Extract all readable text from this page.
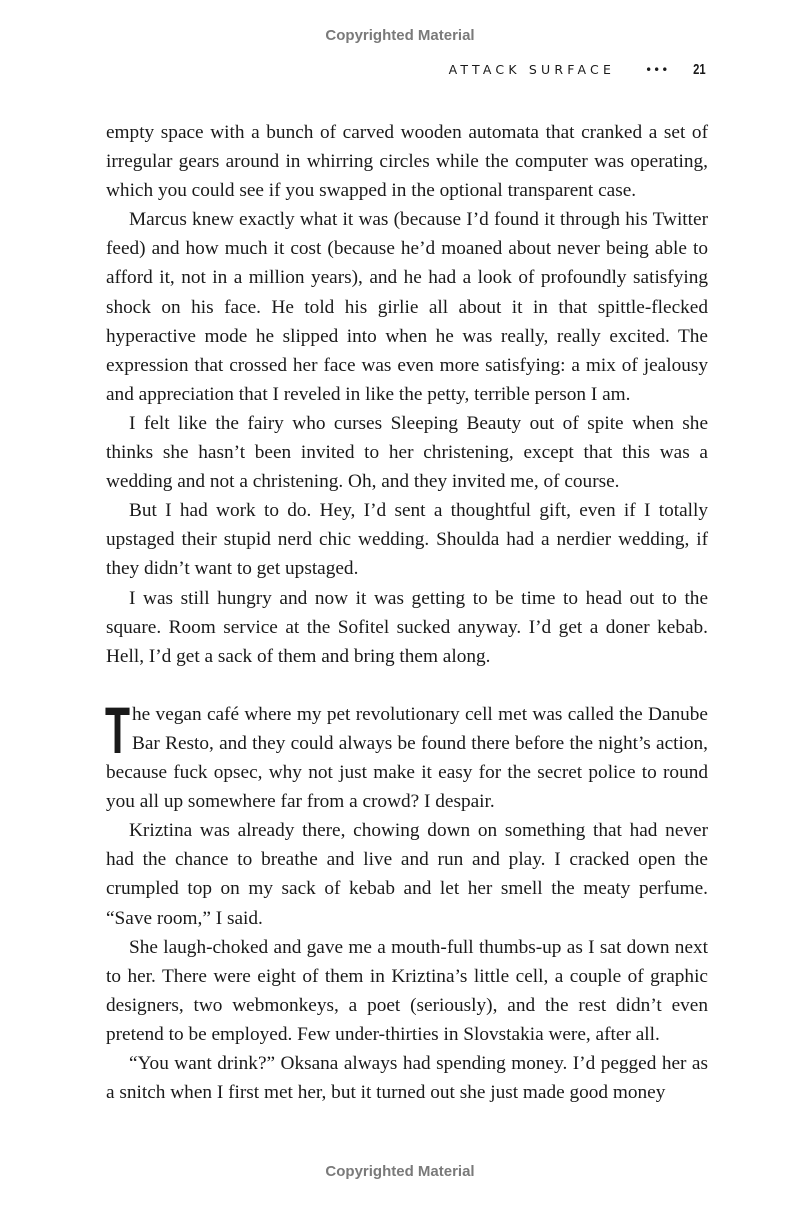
Copyrighted Material
ATTACK SURFACE	••• 21

empty space with a bunch of carved wooden automata that cranked a set of irregular gears around in whirring circles while the computer was operating, which you could see if you swapped in the optional transparent case.

Marcus knew exactly what it was (because I’d found it through his Twitter feed) and how much it cost (because he’d moaned about never being able to afford it, not in a million years), and he had a look of profoundly satisfying shock on his face. He told his girlie all about it in that spittle-flecked hyperactive mode he slipped into when he was really, really excited. The expression that crossed her face was even more satisfying: a mix of jealousy and appreciation that I reveled in like the petty, terrible person I am.

I felt like the fairy who curses Sleeping Beauty out of spite when she thinks she hasn’t been invited to her christening, except that this was a wedding and not a christening. Oh, and they invited me, of course.

But I had work to do. Hey, I’d sent a thoughtful gift, even if I totally upstaged their stupid nerd chic wedding. Shoulda had a nerdier wedding, if they didn’t want to get upstaged.

I was still hungry and now it was getting to be time to head out to the square. Room service at the Sofitel sucked anyway. I’d get a doner kebab. Hell, I’d get a sack of them and bring them along.

The vegan café where my pet revolutionary cell met was called the Danube Bar Resto, and they could always be found there before the night’s action, because fuck opsec, why not just make it easy for the secret police to round you all up somewhere far from a crowd? I despair.

Kriztina was already there, chowing down on something that had never had the chance to breathe and live and run and play. I cracked open the crumpled top on my sack of kebab and let her smell the meaty perfume. “Save room,” I said.

She laugh-choked and gave me a mouth-full thumbs-up as I sat down next to her. There were eight of them in Kriztina’s little cell, a couple of graphic designers, two webmonkeys, a poet (seriously), and the rest didn’t even pretend to be employed. Few under-thirties in Slovstakia were, after all.

“You want drink?” Oksana always had spending money. I’d pegged her as a snitch when I first met her, but it turned out she just made good money

Copyrighted Material
